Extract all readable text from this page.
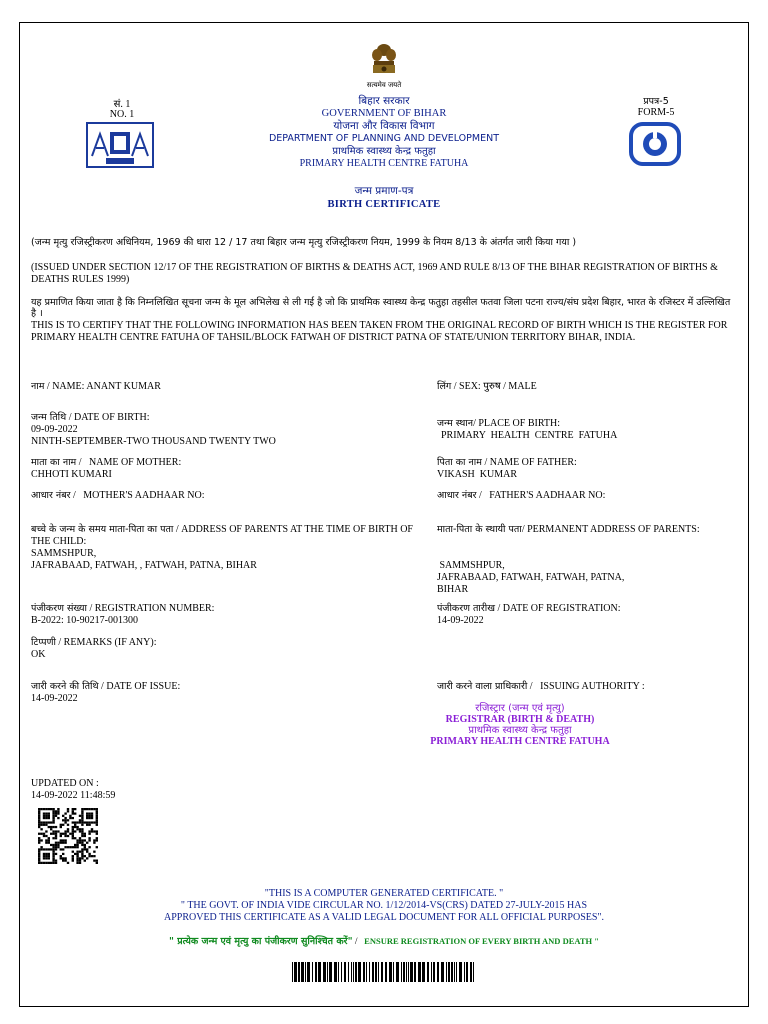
सत्यमेव जयते
सं. 1
NO. 1
प्रपत्र-5
FORM-5
बिहार सरकार
GOVERNMENT OF BIHAR
योजना और विकास विभाग
DEPARTMENT OF PLANNING AND DEVELOPMENT
प्राथमिक स्वास्थ्य केन्द्र फतुहा
PRIMARY HEALTH CENTRE FATUHA
जन्म प्रमाण-पत्र
BIRTH CERTIFICATE
(जन्म मृत्यु रजिस्ट्रीकरण अधिनियम, 1969 की धारा 12 / 17 तथा बिहार जन्म मृत्यु रजिस्ट्रीकरण नियम, 1999 के नियम 8/13 के अंतर्गत जारी किया गया )
(ISSUED UNDER SECTION 12/17 OF THE REGISTRATION OF BIRTHS & DEATHS ACT, 1969 AND RULE 8/13 OF THE BIHAR REGISTRATION OF BIRTHS & DEATHS RULES 1999)
यह प्रमाणित किया जाता है कि निम्नलिखित सूचना जन्म के मूल अभिलेख से ली गई है जो कि प्राथमिक स्वास्थ्य केन्द्र फतुहा तहसील फतवा जिला पटना राज्य/संघ प्रदेश बिहार, भारत के रजिस्टर में उल्लिखित है ।
THIS IS TO CERTIFY THAT THE FOLLOWING INFORMATION HAS BEEN TAKEN FROM THE ORIGINAL RECORD OF BIRTH WHICH IS THE REGISTER FOR PRIMARY HEALTH CENTRE FATUHA OF TAHSIL/BLOCK FATWAH OF DISTRICT PATNA OF STATE/UNION TERRITORY BIHAR, INDIA.
नाम / NAME: ANANT KUMAR	लिंग / SEX: पुरुष / MALE
जन्म तिथि / DATE OF BIRTH:
09-09-2022
NINTH-SEPTEMBER-TWO THOUSAND TWENTY TWO
जन्म स्थान/ PLACE OF BIRTH:
PRIMARY  HEALTH  CENTRE  FATUHA
माता का नाम /   NAME OF MOTHER:
CHHOTI KUMARI
पिता का नाम / NAME OF FATHER:
VIKASH  KUMAR
आधार नंबर /   MOTHER'S AADHAAR NO:	आधार नंबर /   FATHER'S AADHAAR NO:
बच्चे के जन्म के समय माता-पिता का पता / ADDRESS OF PARENTS AT THE TIME OF BIRTH OF THE CHILD:
SAMMSHPUR,
JAFRABAAD, FATWAH, , FATWAH, PATNA, BIHAR
माता-पिता के स्थायी पता/ PERMANENT ADDRESS OF PARENTS:
SAMMSHPUR,
JAFRABAAD, FATWAH, FATWAH, PATNA,
BIHAR
पंजीकरण संख्या / REGISTRATION NUMBER:
B-2022: 10-90217-001300
पंजीकरण तारीख / DATE OF REGISTRATION:
14-09-2022
टिप्पणी / REMARKS (IF ANY):
OK
जारी करने की तिथि / DATE OF ISSUE:
14-09-2022
जारी करने वाला प्राधिकारी /   ISSUING AUTHORITY :
रजिस्ट्रार (जन्म एवं मृत्यु)
REGISTRAR (BIRTH & DEATH)
प्राथमिक स्वास्थ्य केन्द्र फतुहा
PRIMARY HEALTH CENTRE FATUHA
UPDATED ON :
14-09-2022 11:48:59
"THIS IS A COMPUTER GENERATED CERTIFICATE. "
" THE GOVT. OF INDIA VIDE CIRCULAR NO. 1/12/2014-VS(CRS) DATED 27-JULY-2015 HAS
APPROVED THIS CERTIFICATE AS A VALID LEGAL DOCUMENT FOR ALL OFFICIAL PURPOSES".
" प्रत्येक जन्म एवं मृत्यु का पंजीकरण सुनिश्चित करें" /   ENSURE REGISTRATION OF EVERY BIRTH AND DEATH "
